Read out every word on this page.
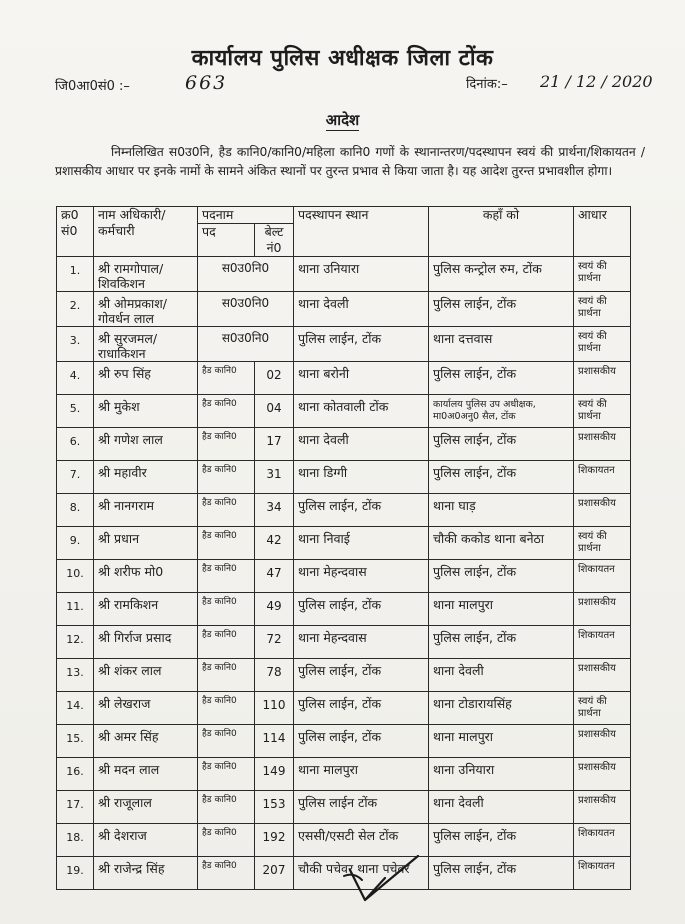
कार्यालय पुलिस अधीक्षक जिला टोंक
जि0आ0सं0 :–	663	दिनांक:– 21 / 12 / 2020
आदेश
निम्नलिखित स0उ0नि, हैड कानि0/कानि0/महिला कानि0 गणों के स्थानान्तरण/पदस्थापन स्वयं की प्रार्थना/शिकायतन /प्रशासकीय आधार पर इनके नामों के सामने अंकित स्थानों पर तुरन्त प्रभाव से किया जाता है। यह आदेश तुरन्त प्रभावशील होगा।
क्र0 सं0	नाम अधिकारी/ कर्मचारी	पदनाम		पदस्थापन स्थान	कहाँ को	आधार
		पद	बेल्ट नं0			
1.	श्री रामगोपाल/ शिवकिशन	स0उ0नि0		थाना उनियारा	पुलिस कन्ट्रोल रुम, टोंक	स्वयं की प्रार्थना
2.	श्री ओमप्रकाश/ गोवर्धन लाल	स0उ0नि0		थाना देवली	पुलिस लाईन, टोंक	स्वयं की प्रार्थना
3.	श्री सुरजमल/ राधाकिशन	स0उ0नि0		पुलिस लाईन, टोंक	थाना दत्तवास	स्वयं की प्रार्थना
4.	श्री रुप सिंह	हैड कानि0	02	थाना बरोनी	पुलिस लाईन, टोंक	प्रशासकीय
5.	श्री मुकेश	हैड कानि0	04	थाना कोतवाली टोंक	कार्यालय पुलिस उप अधीक्षक, मा0अ0अनु0 सैल, टोंक	स्वयं की प्रार्थना
6.	श्री गणेश लाल	हैड कानि0	17	थाना देवली	पुलिस लाईन, टोंक	प्रशासकीय
7.	श्री महावीर	हैड कानि0	31	थाना डिग्गी	पुलिस लाईन, टोंक	शिकायतन
8.	श्री नानगराम	हैड कानि0	34	पुलिस लाईन, टोंक	थाना घाड़	प्रशासकीय
9.	श्री प्रधान	हैड कानि0	42	थाना निवाई	चौकी ककोड थाना बनेठा	स्वयं की प्रार्थना
10.	श्री शरीफ मो0	हैड कानि0	47	थाना मेहन्दवास	पुलिस लाईन, टोंक	शिकायतन
11.	श्री रामकिशन	हैड कानि0	49	पुलिस लाईन, टोंक	थाना मालपुरा	प्रशासकीय
12.	श्री गिर्राज प्रसाद	हैड कानि0	72	थाना मेहन्दवास	पुलिस लाईन, टोंक	शिकायतन
13.	श्री शंकर लाल	हैड कानि0	78	पुलिस लाईन, टोंक	थाना देवली	प्रशासकीय
14.	श्री लेखराज	हैड कानि0	110	पुलिस लाईन, टोंक	थाना टोडारायसिंह	स्वयं की प्रार्थना
15.	श्री अमर सिंह	हैड कानि0	114	पुलिस लाईन, टोंक	थाना मालपुरा	प्रशासकीय
16.	श्री मदन लाल	हैड कानि0	149	थाना मालपुरा	थाना उनियारा	प्रशासकीय
17.	श्री राजूलाल	हैड कानि0	153	पुलिस लाईन टोंक	थाना देवली	प्रशासकीय
18.	श्री देशराज	हैड कानि0	192	एससी/एसटी सेल टोंक	पुलिस लाईन, टोंक	शिकायतन
19.	श्री राजेन्द्र सिंह	हैड कानि0	207	चौकी पचेवर थाना पचेवर	पुलिस लाईन, टोंक	शिकायतन
